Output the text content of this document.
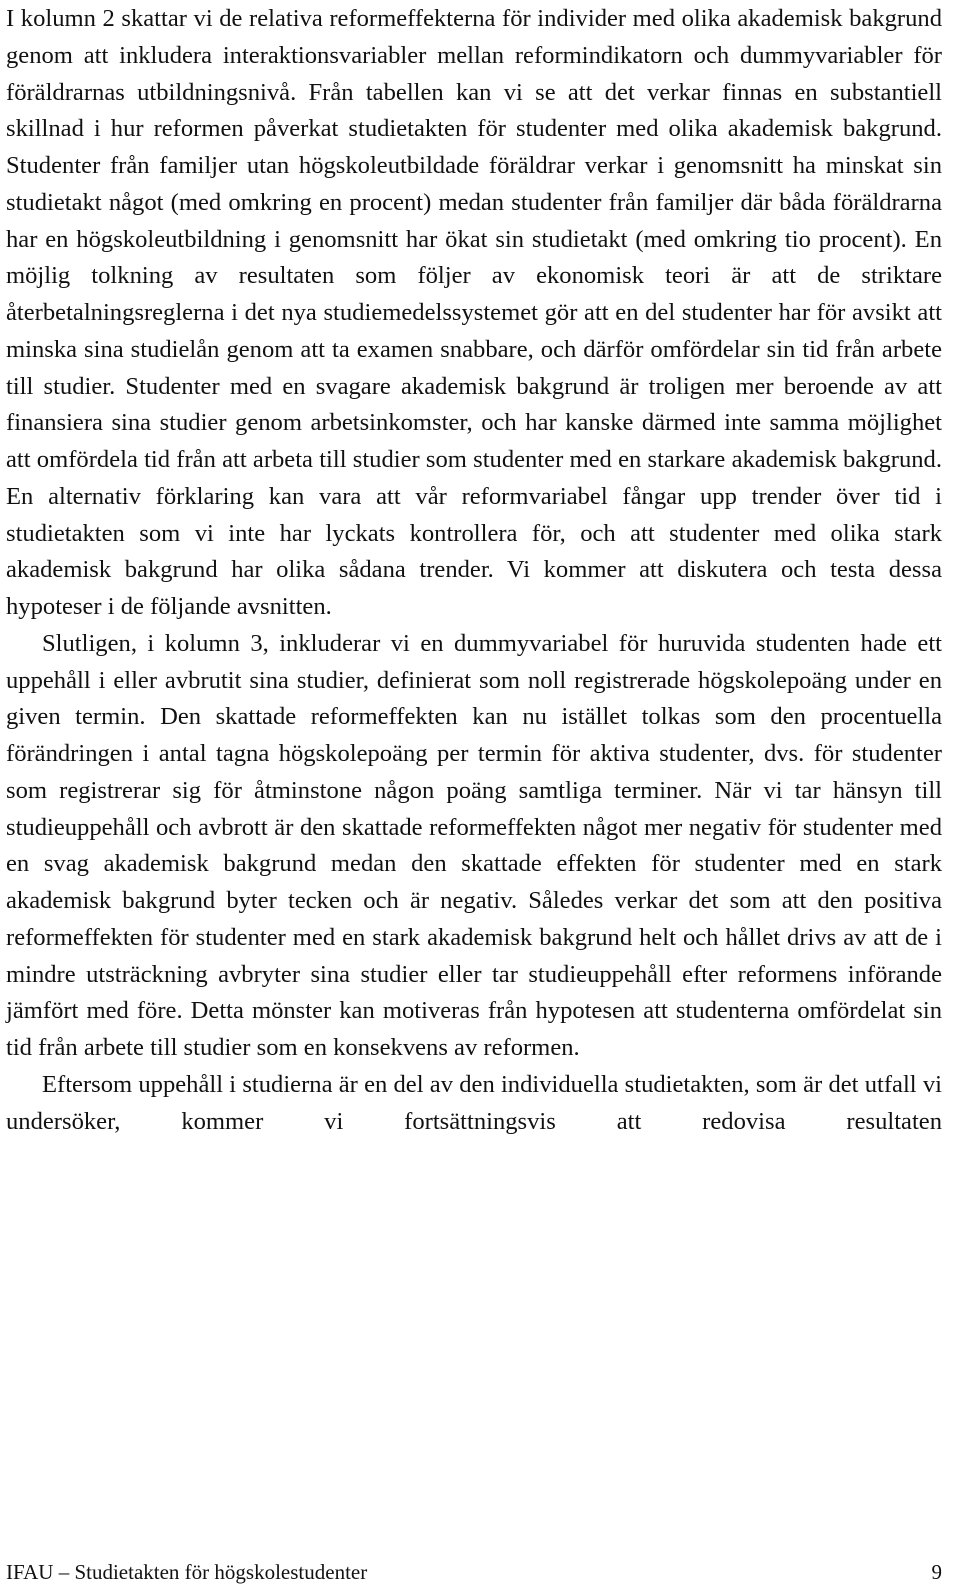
I kolumn 2 skattar vi de relativa reformeffekterna för individer med olika akademisk bakgrund genom att inkludera interaktionsvariabler mellan reformindikatorn och dummyvariabler för föräldrarnas utbildningsnivå. Från tabellen kan vi se att det verkar finnas en substantiell skillnad i hur reformen påverkat studietakten för studenter med olika akademisk bakgrund. Studenter från familjer utan högskoleutbildade föräldrar verkar i genomsnitt ha minskat sin studietakt något (med omkring en procent) medan studenter från familjer där båda föräldrarna har en högskoleutbildning i genomsnitt har ökat sin studietakt (med omkring tio procent). En möjlig tolkning av resultaten som följer av ekonomisk teori är att de striktare återbetalningsreglerna i det nya studiemedelssystemet gör att en del studenter har för avsikt att minska sina studielån genom att ta examen snabbare, och därför omfördelar sin tid från arbete till studier. Studenter med en svagare akademisk bakgrund är troligen mer beroende av att finansiera sina studier genom arbetsinkomster, och har kanske därmed inte samma möjlighet att omfördela tid från att arbeta till studier som studenter med en starkare akademisk bakgrund. En alternativ förklaring kan vara att vår reformvariabel fångar upp trender över tid i studietakten som vi inte har lyckats kontrollera för, och att studenter med olika stark akademisk bakgrund har olika sådana trender. Vi kommer att diskutera och testa dessa hypoteser i de följande avsnitten.

Slutligen, i kolumn 3, inkluderar vi en dummyvariabel för huruvida studenten hade ett uppehåll i eller avbrutit sina studier, definierat som noll registrerade högskolepoäng under en given termin. Den skattade reformeffekten kan nu istället tolkas som den procentuella förändringen i antal tagna högskolepoäng per termin för aktiva studenter, dvs. för studenter som registrerar sig för åtminstone någon poäng samtliga terminer. När vi tar hänsyn till studieuppehåll och avbrott är den skattade reformeffekten något mer negativ för studenter med en svag akademisk bakgrund medan den skattade effekten för studenter med en stark akademisk bakgrund byter tecken och är negativ. Således verkar det som att den positiva reformeffekten för studenter med en stark akademisk bakgrund helt och hållet drivs av att de i mindre utsträckning avbryter sina studier eller tar studieuppehåll efter reformens införande jämfört med före. Detta mönster kan motiveras från hypotesen att studenterna omfördelat sin tid från arbete till studier som en konsekvens av reformen.

Eftersom uppehåll i studierna är en del av den individuella studietakten, som är det utfall vi undersöker, kommer vi fortsättningsvis att redovisa resultaten

IFAU – Studietakten för högskolestudenter	9
